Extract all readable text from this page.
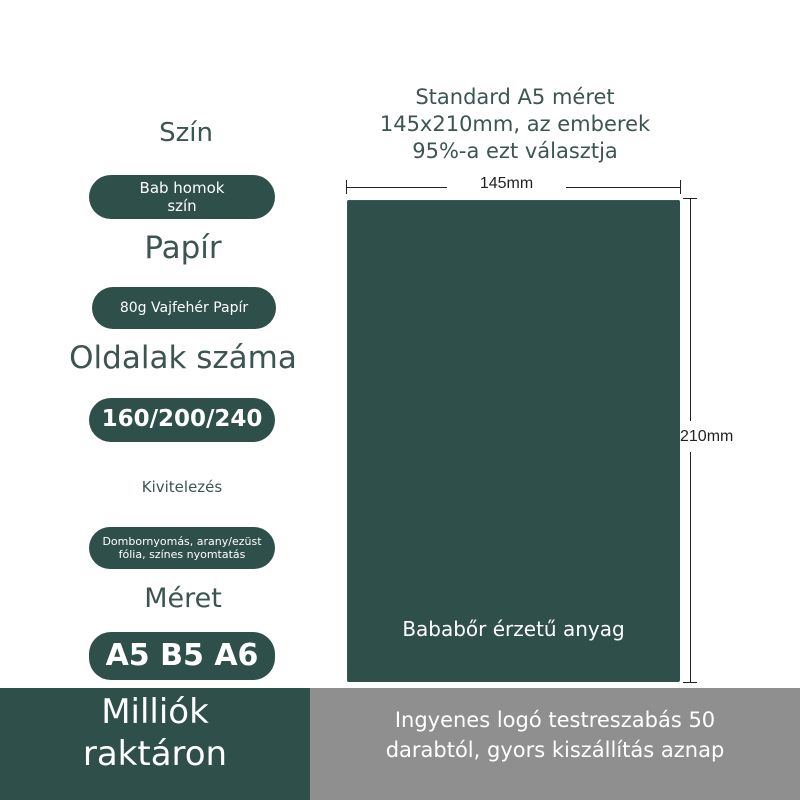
Szín
Bab homok
szín
Papír
80g Vajfehér Papír
Oldalak száma
160/200/240
Kivitelezés
Dombornyomás, arany/ezüst
fólia, színes nyomtatás
Méret
A5 B5 A6
Standard A5 méret
145x210mm, az emberek
95%-a ezt választja
145mm
210mm
Bababőr érzetű anyag
Milliók
raktáron
Ingyenes logó testreszabás 50
darabtól, gyors kiszállítás aznap
